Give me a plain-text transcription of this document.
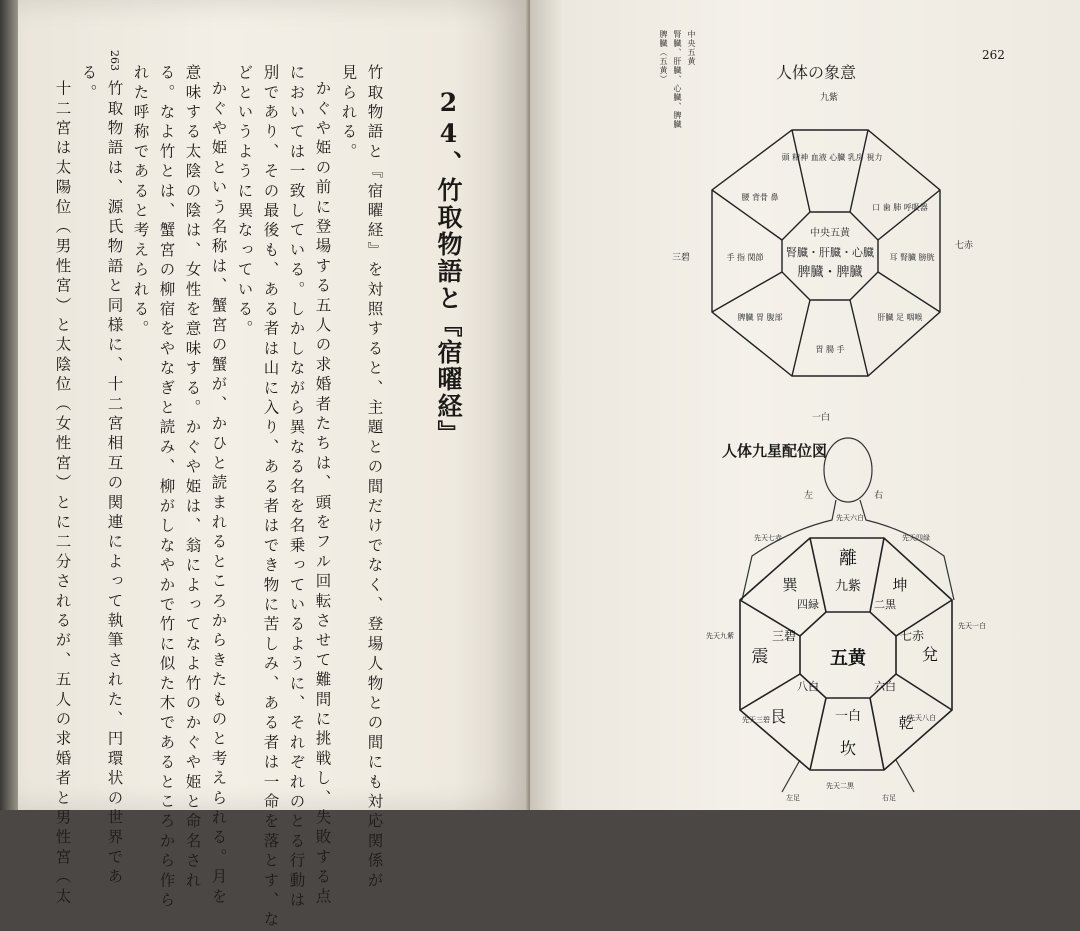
263
24、竹取物語と『宿曜経』
竹取物語と『宿曜経』を対照すると、主題との間だけでなく、登場人物との間にも対応関係が
見られる。
かぐや姫の前に登場する五人の求婚者たちは、頭をフル回転させて難問に挑戦し、失敗する点
においては一致している。しかしながら異なる名を名乗っているように、それぞれのとる行動は
別であり、その最後も、ある者は山に入り、ある者はでき物に苦しみ、ある者は一命を落とす、な
どというように異なっている。
かぐや姫という名称は、蟹宮の蟹が、かひと読まれるところからきたものと考えられる。月を
意味する太陰の陰は、女性を意味する。かぐや姫は、翁によってなよ竹のかぐや姫と命名され
る。なよ竹とは、蟹宮の柳宿をやなぎと読み、柳がしなやかで竹に似た木であるところから作ら
れた呼称であると考えられる。
竹取物語は、源氏物語と同様に、十二宮相互の関連によって執筆された、円環状の世界であ
る。
十二宮は太陽位（男性宮）と太陰位（女性宮）とに二分されるが、五人の求婚者と男性宮（太
262
人体の象意
中央五黄
腎臓、肝臓、心臓、脾臓
脾臓（五黄）
中央五黄
腎臓・肝臓・心臓
脾臓・脾臓
九紫
七赤
一白
三碧
頭 精神 血液 心臓 乳房 視力
口 歯 肺 呼吸器
耳 腎臓 膀胱
肝臓 足 咽喉
胃 腸 手
脾臓 胃 腹部
手 指 関節
腰 背骨 鼻
五黄
九紫
七赤
一白
三碧
六白
八白
四緑	二黒
離
坤
兌
乾
坎
艮
震
巽
左	右
先天六白
先天七赤	先天四緑
先天九紫
先天一白
先天三碧	先天八白
先天二黒
左足	右足
人体九星配位図
